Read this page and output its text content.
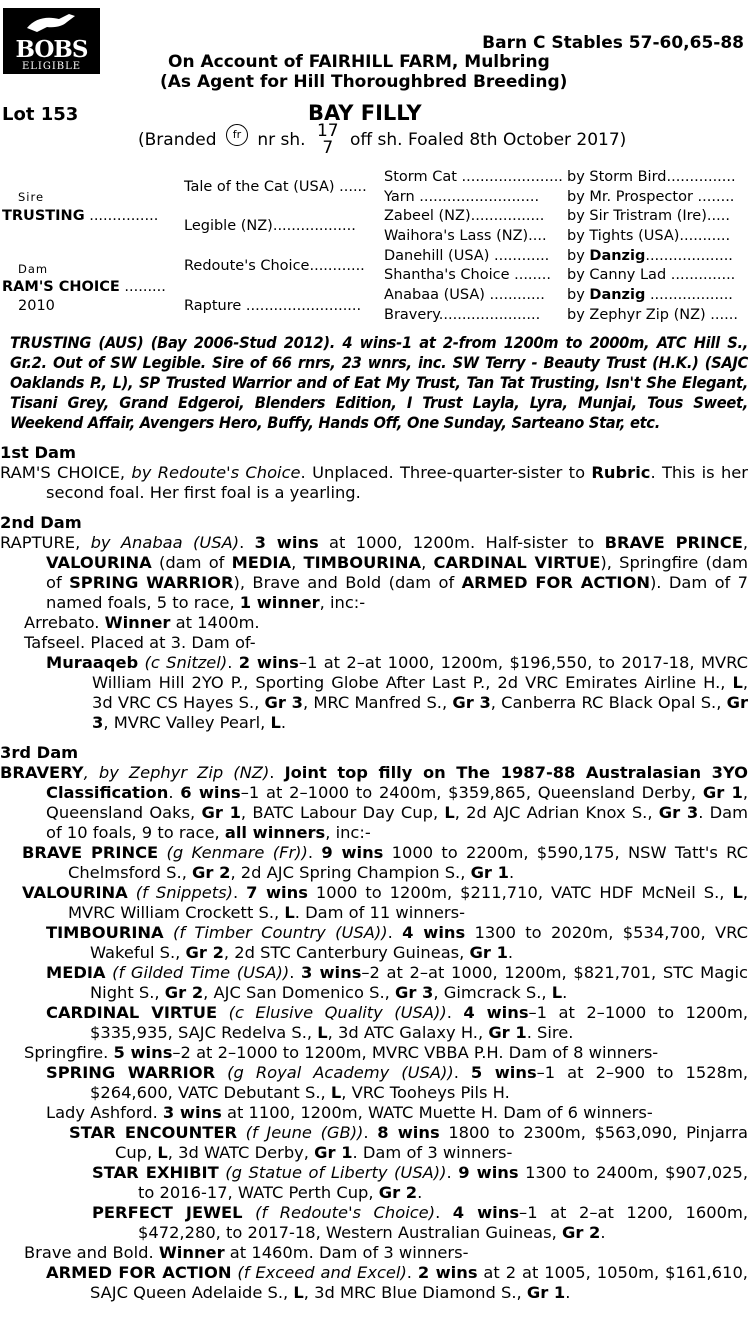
BOBS
ELIGIBLE
Barn C Stables 57-60,65-88
On Account of FAIRHILL FARM, Mulbring
(As Agent for Hill Thoroughbred Breeding)
Lot 153	BAY FILLY
(Branded fr nr sh. 17
7 off sh. Foaled 8th October 2017)
Sire
TRUSTING ...............
Dam
RAM'S CHOICE .........
2010
Tale of the Cat (USA) ......
Legible (NZ)..................
Redoute's Choice............
Rapture .........................
Storm Cat ......................
Yarn ..........................
Zabeel (NZ)................
Waihora's Lass (NZ)....
Danehill (USA) ............
Shantha's Choice ........
Anabaa (USA) ............
Bravery......................
by Storm Bird...............
by Mr. Prospector ........
by Sir Tristram (Ire).....
by Tights (USA)...........
by Danzig...................
by Canny Lad ..............
by Danzig ..................
by Zephyr Zip (NZ) ......

TRUSTING (AUS) (Bay 2006-Stud 2012). 4 wins-1 at 2-from 1200m to 2000m, ATC Hill S., Gr.2. Out of SW Legible. Sire of 66 rnrs, 23 wnrs, inc. SW Terry - Beauty Trust (H.K.) (SAJC Oaklands P., L), SP Trusted Warrior and of Eat My Trust, Tan Tat Trusting, Isn't She Elegant, Tisani Grey, Grand Edgeroi, Blenders Edition, I Trust Layla, Lyra, Munjai, Tous Sweet, Weekend Affair, Avengers Hero, Buffy, Hands Off, One Sunday, Sarteano Star, etc.

1st Dam

RAM'S CHOICE, by Redoute's Choice. Unplaced. Three-quarter-sister to Rubric. This is her second foal. Her first foal is a yearling.

2nd Dam

RAPTURE, by Anabaa (USA). 3 wins at 1000, 1200m. Half-sister to BRAVE PRINCE, VALOURINA (dam of MEDIA, TIMBOURINA, CARDINAL VIRTUE), Springfire (dam of SPRING WARRIOR), Brave and Bold (dam of ARMED FOR ACTION). Dam of 7 named foals, 5 to race, 1 winner, inc:-

Arrebato. Winner at 1400m.

Tafseel. Placed at 3. Dam of-

Muraaqeb (c Snitzel). 2 wins–1 at 2–at 1000, 1200m, $196,550, to 2017-18, MVRC William Hill 2YO P., Sporting Globe After Last P., 2d VRC Emirates Airline H., L, 3d VRC CS Hayes S., Gr 3, MRC Manfred S., Gr 3, Canberra RC Black Opal S., Gr 3, MVRC Valley Pearl, L.

3rd Dam

BRAVERY, by Zephyr Zip (NZ). Joint top filly on The 1987-88 Australasian 3YO Classification. 6 wins–1 at 2–1000 to 2400m, $359,865, Queensland Derby, Gr 1, Queensland Oaks, Gr 1, BATC Labour Day Cup, L, 2d AJC Adrian Knox S., Gr 3. Dam of 10 foals, 9 to race, all winners, inc:-

BRAVE PRINCE (g Kenmare (Fr)). 9 wins 1000 to 2200m, $590,175, NSW Tatt's RC Chelmsford S., Gr 2, 2d AJC Spring Champion S., Gr 1.

VALOURINA (f Snippets). 7 wins 1000 to 1200m, $211,710, VATC HDF McNeil S., L, MVRC William Crockett S., L. Dam of 11 winners-

TIMBOURINA (f Timber Country (USA)). 4 wins 1300 to 2020m, $534,700, VRC Wakeful S., Gr 2, 2d STC Canterbury Guineas, Gr 1.

MEDIA (f Gilded Time (USA)). 3 wins–2 at 2–at 1000, 1200m, $821,701, STC Magic Night S., Gr 2, AJC San Domenico S., Gr 3, Gimcrack S., L.

CARDINAL VIRTUE (c Elusive Quality (USA)). 4 wins–1 at 2–1000 to 1200m, $335,935, SAJC Redelva S., L, 3d ATC Galaxy H., Gr 1. Sire.

Springfire. 5 wins–2 at 2–1000 to 1200m, MVRC VBBA P.H. Dam of 8 winners-

SPRING WARRIOR (g Royal Academy (USA)). 5 wins–1 at 2–900 to 1528m, $264,600, VATC Debutant S., L, VRC Tooheys Pils H.

Lady Ashford. 3 wins at 1100, 1200m, WATC Muette H. Dam of 6 winners-

STAR ENCOUNTER (f Jeune (GB)). 8 wins 1800 to 2300m, $563,090, Pinjarra Cup, L, 3d WATC Derby, Gr 1. Dam of 3 winners-

STAR EXHIBIT (g Statue of Liberty (USA)). 9 wins 1300 to 2400m, $907,025, to 2016-17, WATC Perth Cup, Gr 2.

PERFECT JEWEL (f Redoute's Choice). 4 wins–1 at 2–at 1200, 1600m, $472,280, to 2017-18, Western Australian Guineas, Gr 2.

Brave and Bold. Winner at 1460m. Dam of 3 winners-

ARMED FOR ACTION (f Exceed and Excel). 2 wins at 2 at 1005, 1050m, $161,610, SAJC Queen Adelaide S., L, 3d MRC Blue Diamond S., Gr 1.
